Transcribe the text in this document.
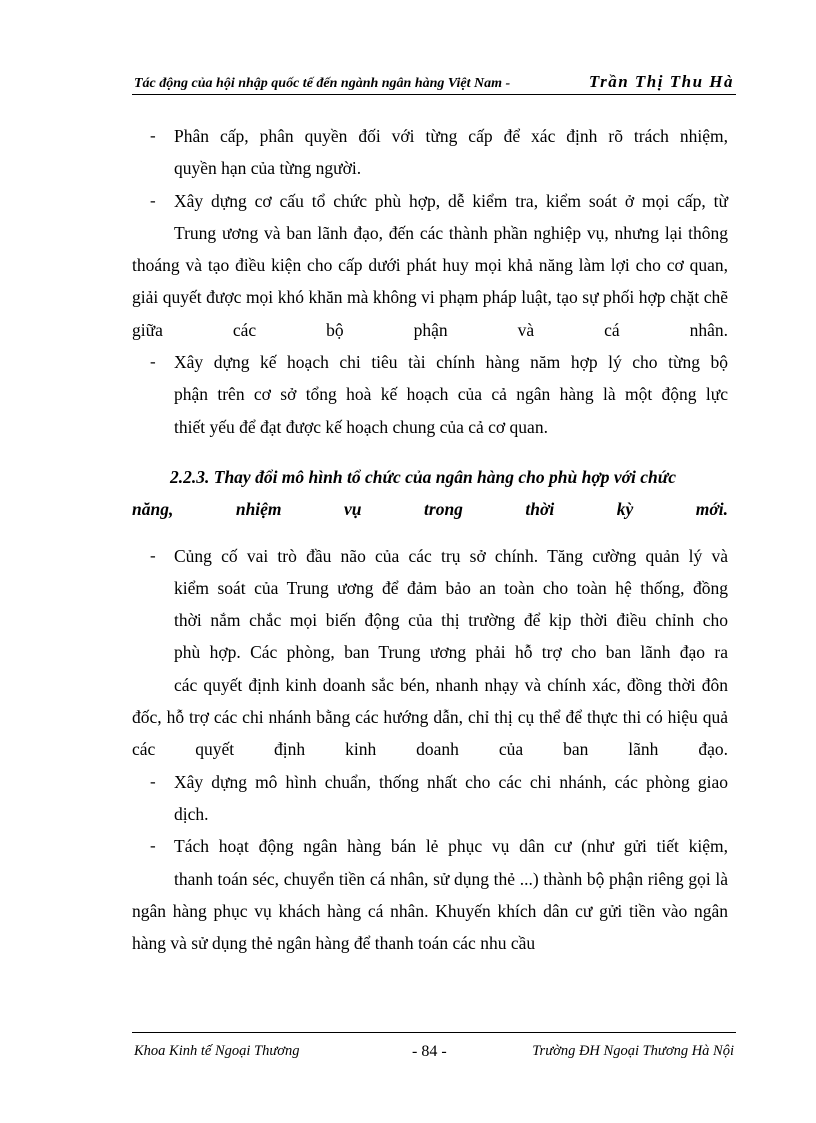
Tác động của hội nhập quốc tế đến ngành ngân hàng Việt Nam -	Trần Thị Thu Hà
- Phân cấp, phân quyền đối với từng cấp để xác định rõ trách nhiệm,
quyền hạn của từng người.
- Xây dựng cơ cấu tổ chức phù hợp, dễ kiểm tra, kiểm soát ở mọi cấp, từ
Trung ương và ban lãnh đạo, đến các thành phần nghiệp vụ, nhưng lại thông thoáng và tạo điều kiện cho cấp dưới phát huy mọi khả năng làm lợi cho cơ quan, giải quyết được mọi khó khăn mà không vi phạm pháp luật, tạo sự phối hợp chặt chẽ giữa các bộ phận và cá nhân.
- Xây dựng kế hoạch chi tiêu tài chính hàng năm hợp lý cho từng bộ
phận trên cơ sở tổng hoà kế hoạch của cả ngân hàng là một động lực
thiết yếu để đạt được kế hoạch chung của cả cơ quan.
2.2.3. Thay đổi mô hình tổ chức của ngân hàng cho phù hợp với chức
năng, nhiệm vụ trong thời kỳ mới.
- Củng cố vai trò đầu não của các trụ sở chính. Tăng cường quản lý và
kiểm soát của Trung ương để đảm bảo an toàn cho toàn hệ thống, đồng
thời nắm chắc mọi biến động của thị trường để kịp thời điều chỉnh cho
phù hợp. Các phòng, ban Trung ương phải hỗ trợ cho ban lãnh đạo ra
các quyết định kinh doanh sắc bén, nhanh nhạy và chính xác, đồng thời đôn đốc, hỗ trợ các chi nhánh bằng các hướng dẫn, chỉ thị cụ thể để thực thi có hiệu quả các quyết định kinh doanh của ban lãnh đạo.
- Xây dựng mô hình chuẩn, thống nhất cho các chi nhánh, các phòng giao
dịch.
- Tách hoạt động ngân hàng bán lẻ phục vụ dân cư (như gửi tiết kiệm,
thanh toán séc, chuyển tiền cá nhân, sử dụng thẻ ...) thành bộ phận riêng gọi là ngân hàng phục vụ khách hàng cá nhân. Khuyến khích dân cư gửi tiền vào ngân hàng và sử dụng thẻ ngân hàng để thanh toán các nhu cầu
Khoa Kinh tế Ngoại Thương	- 84 -	Trường ĐH Ngoại Thương Hà Nội
